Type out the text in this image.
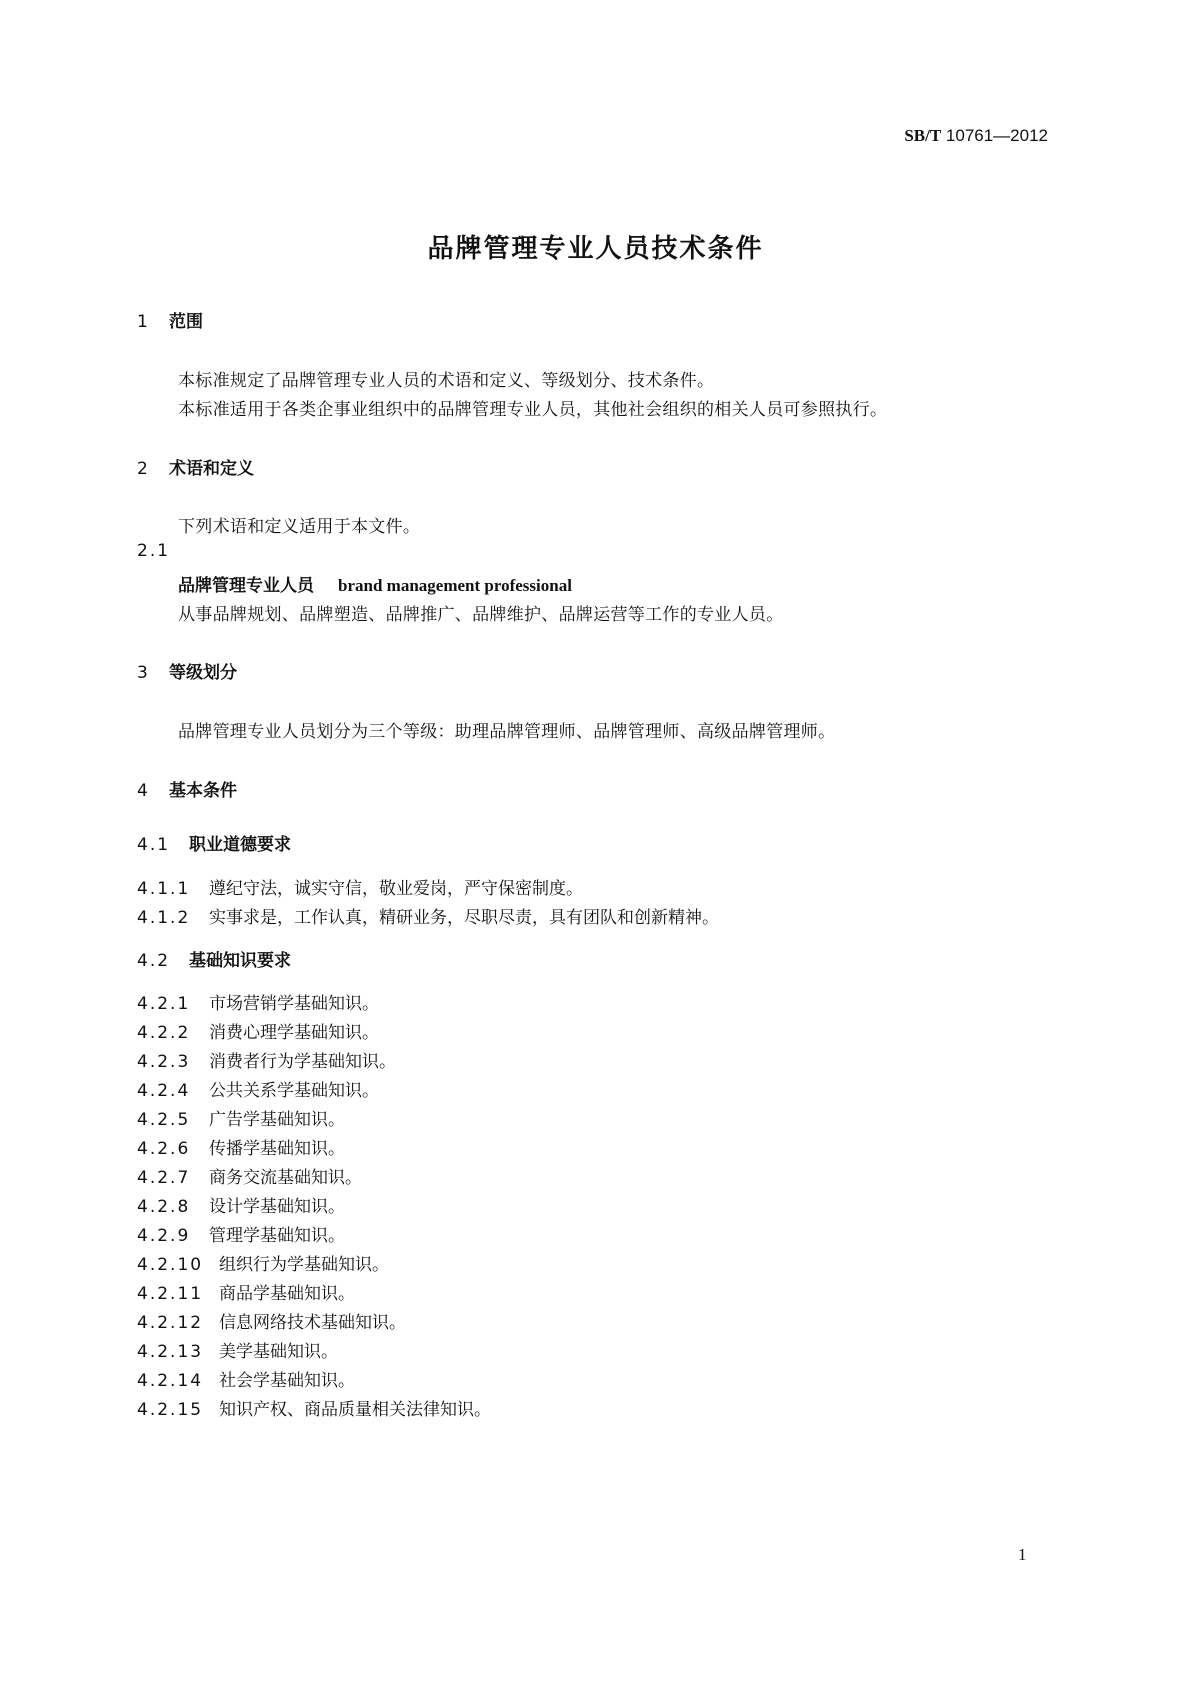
SB/T 10761—2012
品牌管理专业人员技术条件
1 范围
本标准规定了品牌管理专业人员的术语和定义、等级划分、技术条件。
本标准适用于各类企事业组织中的品牌管理专业人员，其他社会组织的相关人员可参照执行。
2 术语和定义
下列术语和定义适用于本文件。
2.1
品牌管理专业人员 brand management professional
从事品牌规划、品牌塑造、品牌推广、品牌维护、品牌运营等工作的专业人员。
3 等级划分
品牌管理专业人员划分为三个等级：助理品牌管理师、品牌管理师、高级品牌管理师。
4 基本条件
4.1 职业道德要求
4.1.1 遵纪守法，诚实守信，敬业爱岗，严守保密制度。
4.1.2 实事求是，工作认真，精研业务，尽职尽责，具有团队和创新精神。
4.2 基础知识要求
4.2.1 市场营销学基础知识。
4.2.2 消费心理学基础知识。
4.2.3 消费者行为学基础知识。
4.2.4 公共关系学基础知识。
4.2.5 广告学基础知识。
4.2.6 传播学基础知识。
4.2.7 商务交流基础知识。
4.2.8 设计学基础知识。
4.2.9 管理学基础知识。
4.2.10 组织行为学基础知识。
4.2.11 商品学基础知识。
4.2.12 信息网络技术基础知识。
4.2.13 美学基础知识。
4.2.14 社会学基础知识。
4.2.15 知识产权、商品质量相关法律知识。
1
